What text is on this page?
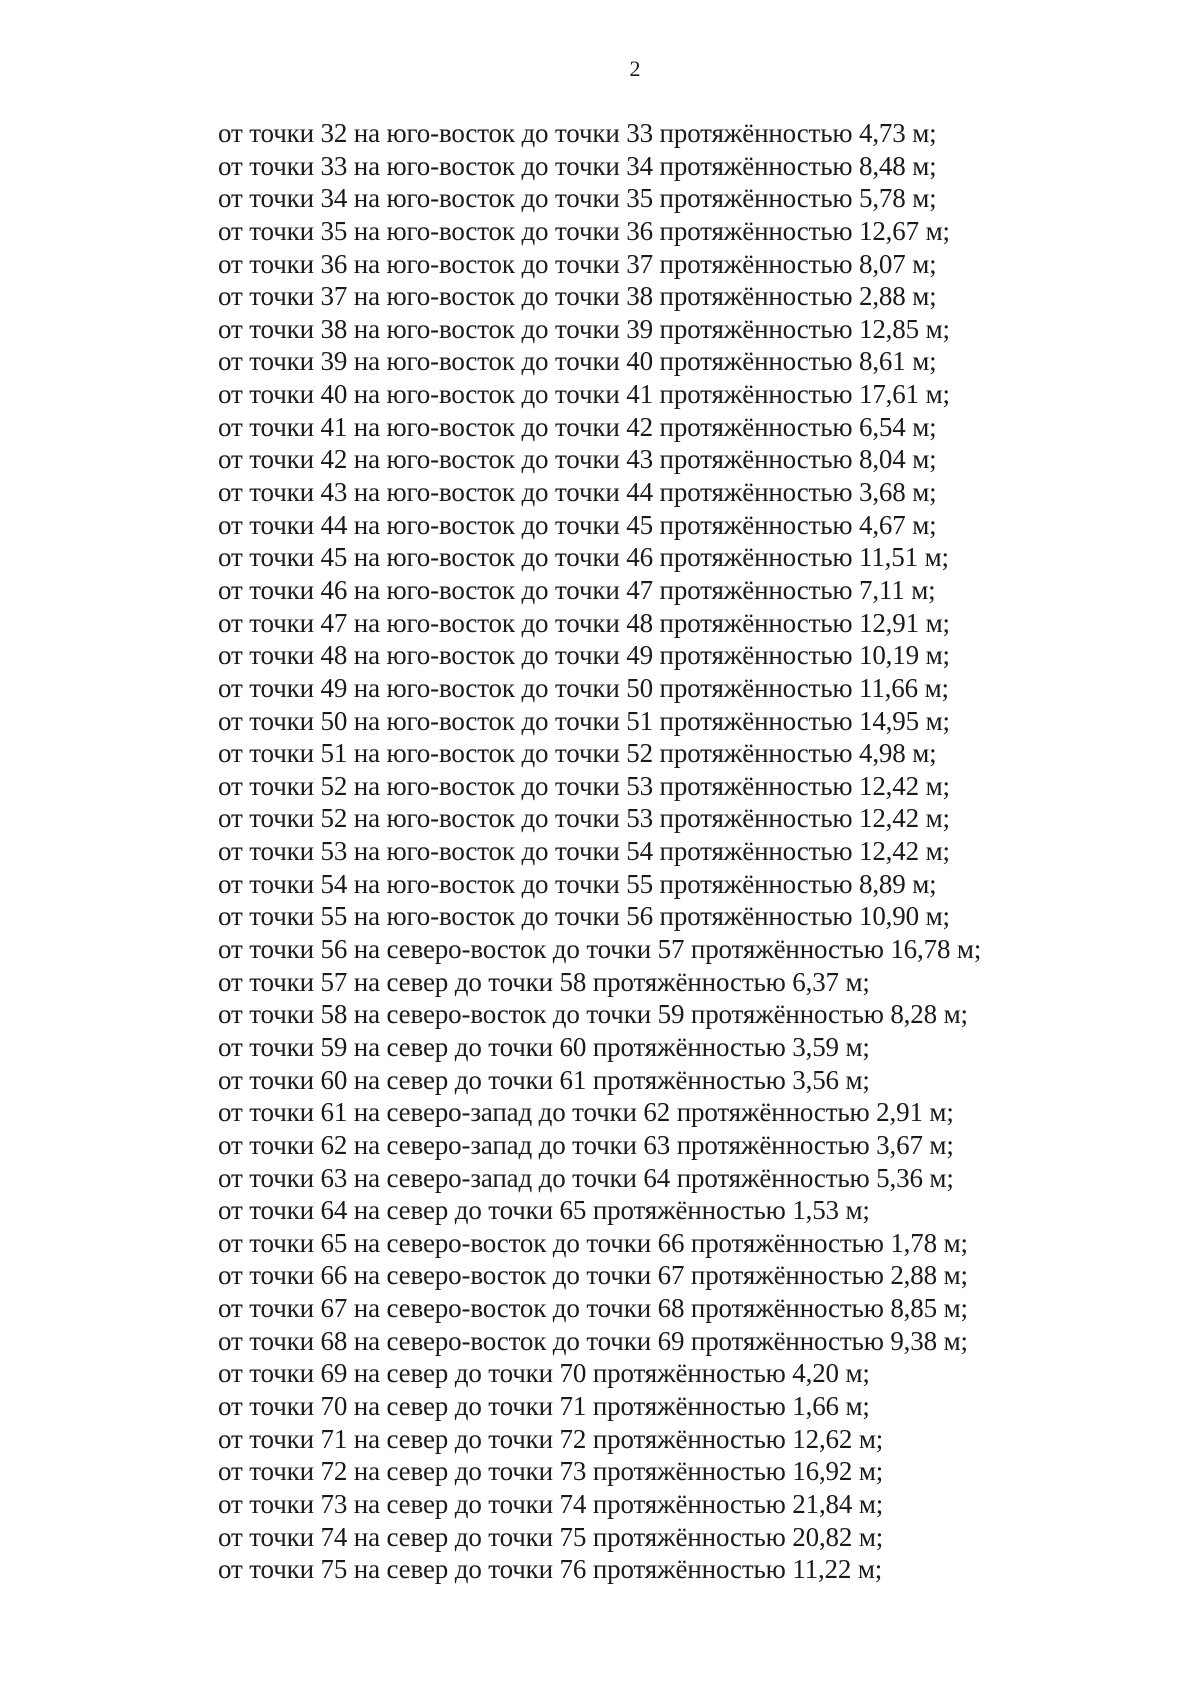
2
от точки 32 на юго-восток до точки 33 протяжённостью 4,73 м;
от точки 33 на юго-восток до точки 34 протяжённостью 8,48 м;
от точки 34 на юго-восток до точки 35 протяжённостью 5,78 м;
от точки 35 на юго-восток до точки 36 протяжённостью 12,67 м;
от точки 36 на юго-восток до точки 37 протяжённостью 8,07 м;
от точки 37 на юго-восток до точки 38 протяжённостью 2,88 м;
от точки 38 на юго-восток до точки 39 протяжённостью 12,85 м;
от точки 39 на юго-восток до точки 40 протяжённостью 8,61 м;
от точки 40 на юго-восток до точки 41 протяжённостью 17,61 м;
от точки 41 на юго-восток до точки 42 протяжённостью 6,54 м;
от точки 42 на юго-восток до точки 43 протяжённостью 8,04 м;
от точки 43 на юго-восток до точки 44 протяжённостью 3,68 м;
от точки 44 на юго-восток до точки 45 протяжённостью 4,67 м;
от точки 45 на юго-восток до точки 46 протяжённостью 11,51 м;
от точки 46 на юго-восток до точки 47 протяжённостью 7,11 м;
от точки 47 на юго-восток до точки 48 протяжённостью 12,91 м;
от точки 48 на юго-восток до точки 49 протяжённостью 10,19 м;
от точки 49 на юго-восток до точки 50 протяжённостью 11,66 м;
от точки 50 на юго-восток до точки 51 протяжённостью 14,95 м;
от точки 51 на юго-восток до точки 52 протяжённостью 4,98 м;
от точки 52 на юго-восток до точки 53 протяжённостью 12,42 м;
от точки 52 на юго-восток до точки 53 протяжённостью 12,42 м;
от точки 53 на юго-восток до точки 54 протяжённостью 12,42 м;
от точки 54 на юго-восток до точки 55 протяжённостью 8,89 м;
от точки 55 на юго-восток до точки 56 протяжённостью 10,90 м;
от точки 56 на северо-восток до точки 57 протяжённостью 16,78 м;
от точки 57 на север до точки 58 протяжённостью 6,37 м;
от точки 58 на северо-восток до точки 59 протяжённостью 8,28 м;
от точки 59 на север до точки 60 протяжённостью 3,59 м;
от точки 60 на север до точки 61 протяжённостью 3,56 м;
от точки 61 на северо-запад до точки 62 протяжённостью 2,91 м;
от точки 62 на северо-запад до точки 63 протяжённостью 3,67 м;
от точки 63 на северо-запад до точки 64 протяжённостью 5,36 м;
от точки 64 на север до точки 65 протяжённостью 1,53 м;
от точки 65 на северо-восток до точки 66 протяжённостью 1,78 м;
от точки 66 на северо-восток до точки 67 протяжённостью 2,88 м;
от точки 67 на северо-восток до точки 68 протяжённостью 8,85 м;
от точки 68 на северо-восток до точки 69 протяжённостью 9,38 м;
от точки 69 на север до точки 70 протяжённостью 4,20 м;
от точки 70 на север до точки 71 протяжённостью 1,66 м;
от точки 71 на север до точки 72 протяжённостью 12,62 м;
от точки 72 на север до точки 73 протяжённостью 16,92 м;
от точки 73 на север до точки 74 протяжённостью 21,84 м;
от точки 74 на север до точки 75 протяжённостью 20,82 м;
от точки 75 на север до точки 76 протяжённостью 11,22 м;
